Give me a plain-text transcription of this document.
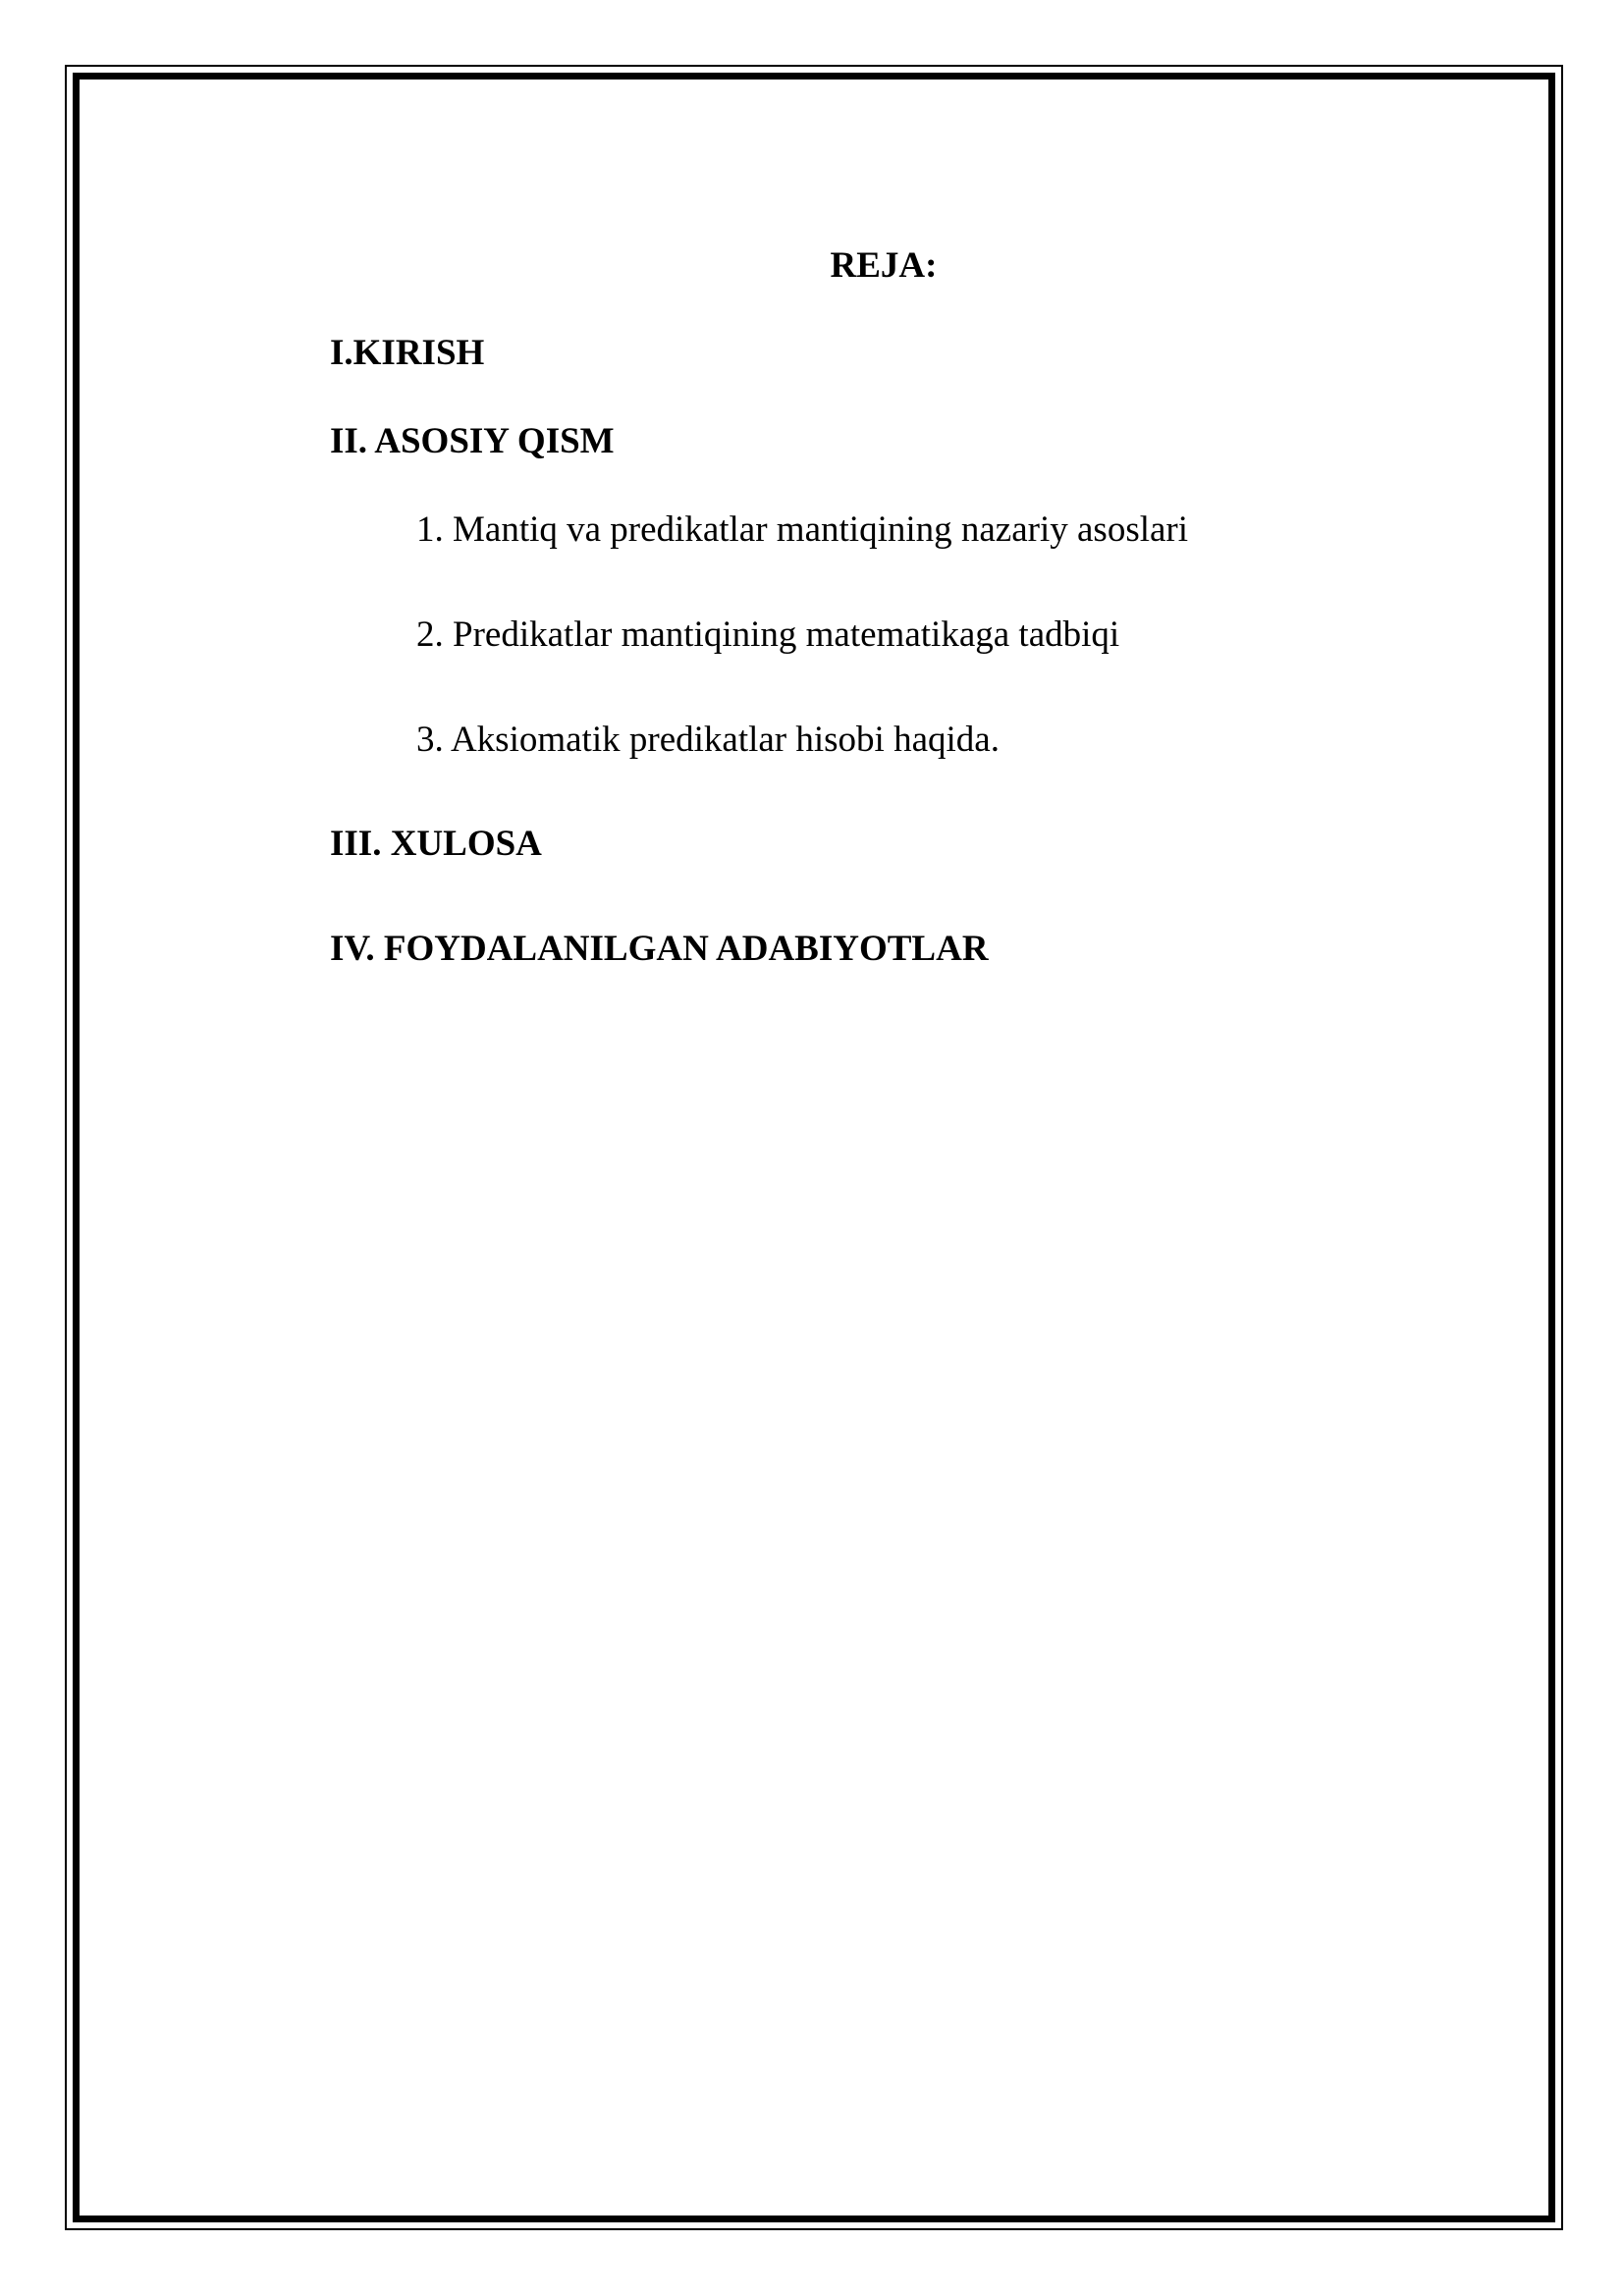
REJA:

I.KIRISH

II. ASOSIY QISM

1. Mantiq va predikatlar mantiqining nazariy asoslari

2. Predikatlar mantiqining matematikaga tadbiqi

3. Aksiomatik predikatlar hisobi haqida.

III. XULOSA

IV. FOYDALANILGAN ADABIYOTLAR
